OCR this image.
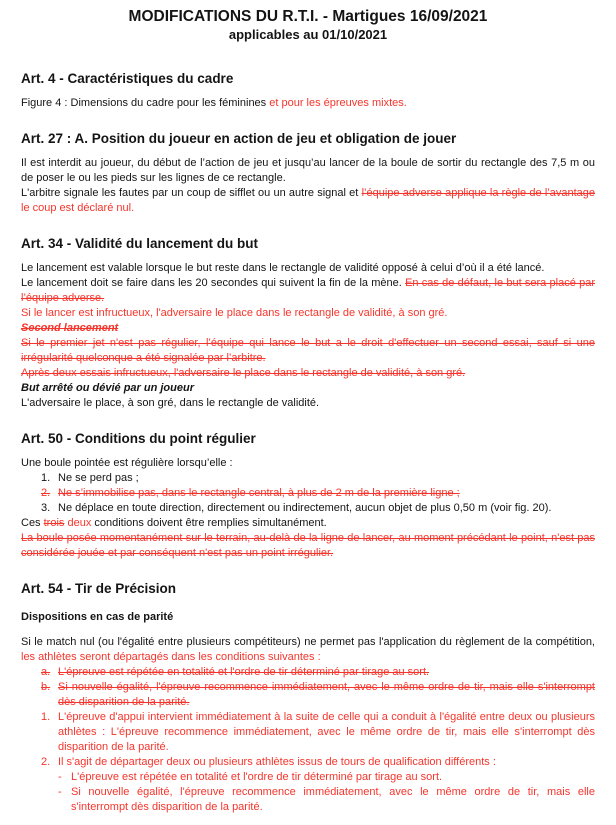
MODIFICATIONS DU R.T.I. - Martigues 16/09/2021
applicables au 01/10/2021
Art. 4 - Caractéristiques du cadre

Figure 4 : Dimensions du cadre pour les féminines et pour les épreuves mixtes.

Art. 27 : A. Position du joueur en action de jeu et obligation de jouer

Il est interdit au joueur, du début de l’action de jeu et jusqu’au lancer de la boule de sortir du rectangle des 7,5 m ou de poser le ou les pieds sur les lignes de ce rectangle.
L'arbitre signale les fautes par un coup de sifflet ou un autre signal et l’équipe adverse applique la règle de l’avantage le coup est déclaré nul.

Art. 34 - Validité du lancement du but

Le lancement est valable lorsque le but reste dans le rectangle de validité opposé à celui d’où il a été lancé.
Le lancement doit se faire dans les 20 secondes qui suivent la fin de la mène. En cas de défaut, le but sera placé par l’équipe adverse.

Si le lancer est infructueux, l'adversaire le place dans le rectangle de validité, à son gré.

Second lancement
Si le premier jet n'est pas régulier, l’équipe qui lance le but a le droit d'effectuer un second essai, sauf si une irrégularité quelconque a été signalée par l’arbitre.
Après deux essais infructueux, l'adversaire le place dans le rectangle de validité, à son gré.

But arrêté ou dévié par un joueur
L'adversaire le place, à son gré, dans le rectangle de validité.

Art. 50 - Conditions du point régulier

Une boule pointée est régulière lorsqu’elle :

1. Ne se perd pas ;
2. Ne s’immobilise pas, dans le rectangle central, à plus de 2 m de la première ligne ;
3. Ne déplace en toute direction, directement ou indirectement, aucun objet de plus 0,50 m (voir fig. 20).

Ces trois deux conditions doivent être remplies simultanément.

La boule posée momentanément sur le terrain, au-delà de la ligne de lancer, au moment précédant le point, n'est pas considérée jouée et par conséquent n'est pas un point irrégulier.

Art. 54 - Tir de Précision
Dispositions en cas de parité

Si le match nul (ou l'égalité entre plusieurs compétiteurs) ne permet pas l'application du règlement de la compétition, les athlètes seront départagés dans les conditions suivantes :

a. L'épreuve est répétée en totalité et l'ordre de tir déterminé par tirage au sort.
b. Si nouvelle égalité, l'épreuve recommence immédiatement, avec le même ordre de tir, mais elle s'interrompt dès disparition de la parité.
1. L'épreuve d'appui intervient immédiatement à la suite de celle qui a conduit à l'égalité entre deux ou plusieurs athlètes : L'épreuve recommence immédiatement, avec le même ordre de tir, mais elle s'interrompt dès disparition de la parité.
2. Il s'agit de départager deux ou plusieurs athlètes issus de tours de qualification différents :
- L'épreuve est répétée en totalité et l'ordre de tir déterminé par tirage au sort.
- Si nouvelle égalité, l'épreuve recommence immédiatement, avec le même ordre de tir, mais elle s'interrompt dès disparition de la parité.
